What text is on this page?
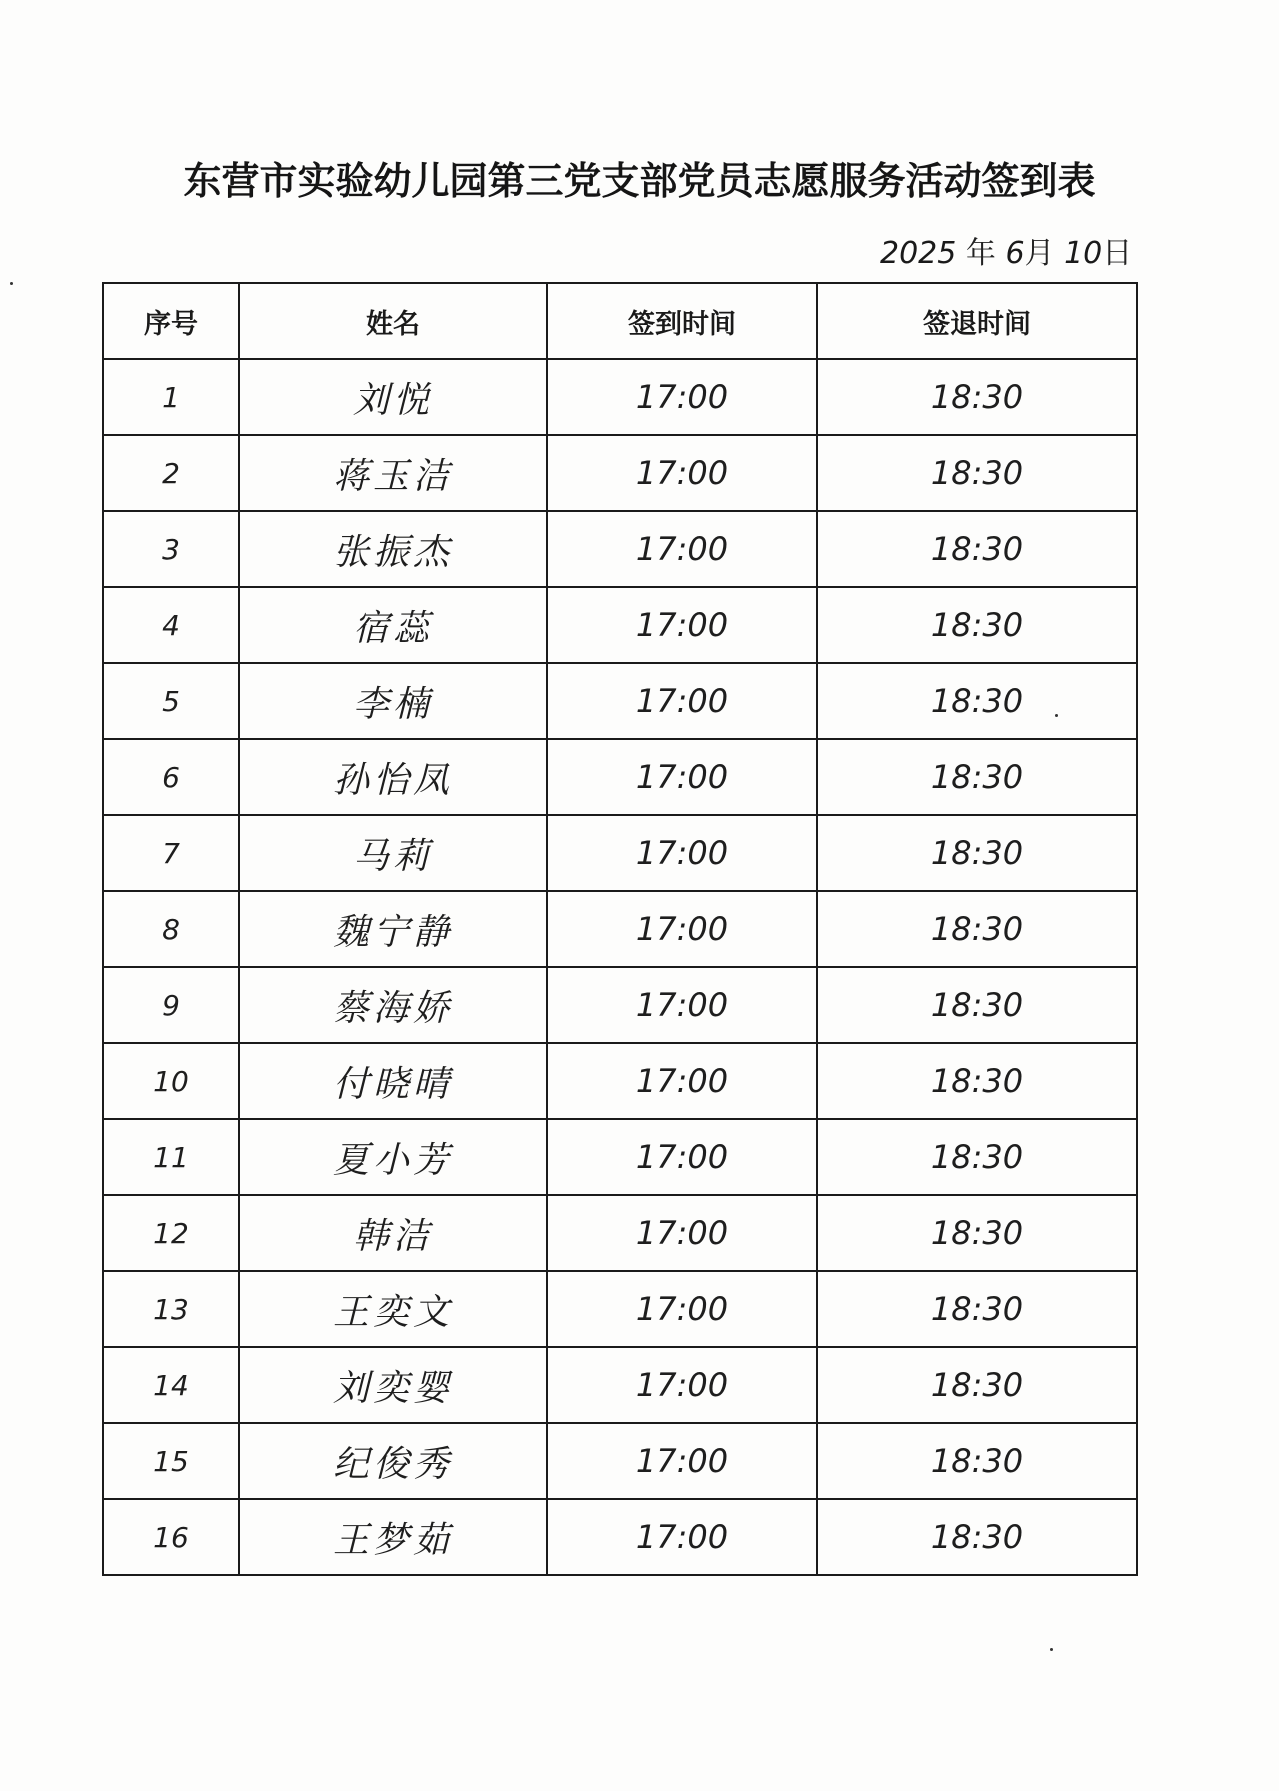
东营市实验幼儿园第三党支部党员志愿服务活动签到表
2025 年 6月 10日
序号	姓名	签到时间	签退时间
1	刘悦	17:00	18:30
2	蒋玉洁	17:00	18:30
3	张振杰	17:00	18:30
4	宿蕊	17:00	18:30
5	李楠	17:00	18:30
6	孙怡凤	17:00	18:30
7	马莉	17:00	18:30
8	魏宁静	17:00	18:30
9	蔡海娇	17:00	18:30
10	付晓晴	17:00	18:30
11	夏小芳	17:00	18:30
12	韩洁	17:00	18:30
13	王奕文	17:00	18:30
14	刘奕婴	17:00	18:30
15	纪俊秀	17:00	18:30
16	王梦茹	17:00	18:30
